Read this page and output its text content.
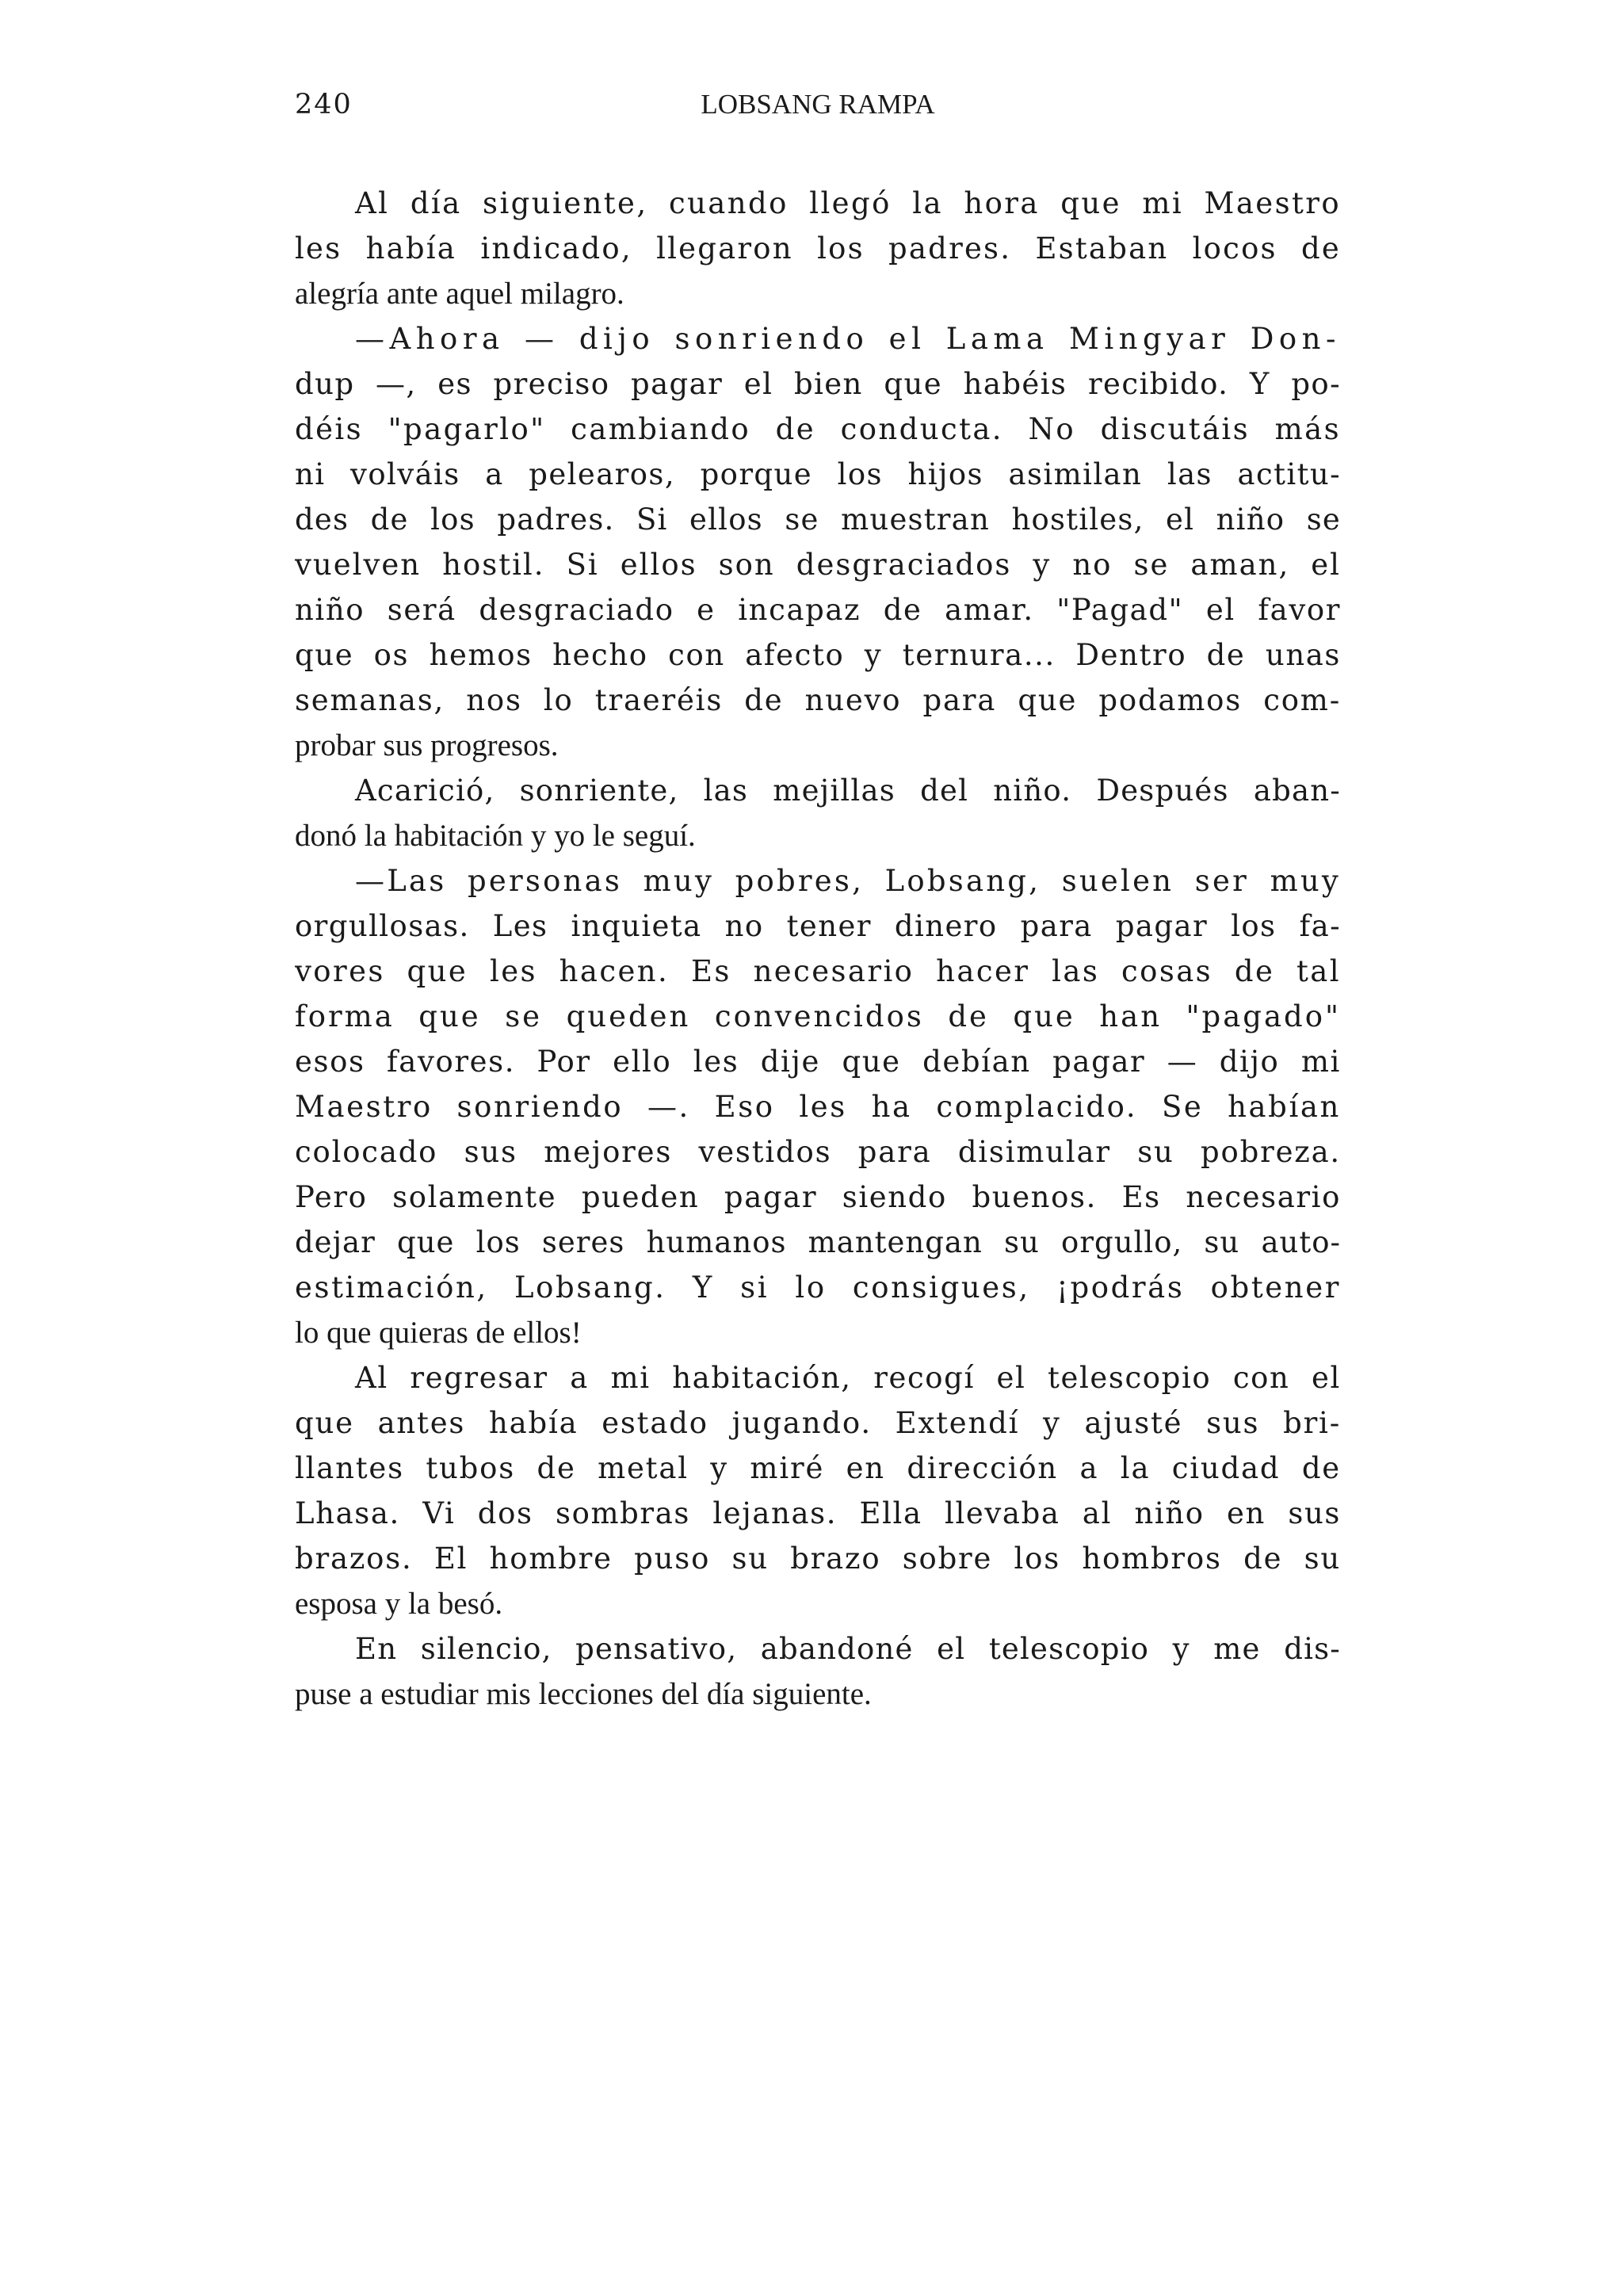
240	LOBSANG RAMPA
Al día siguiente, cuando llegó la hora que mi Maestro
les había indicado, llegaron los padres. Estaban locos de
alegría ante aquel milagro.
—Ahora — dijo sonriendo el Lama Mingyar Don-
dup —, es preciso pagar el bien que habéis recibido. Y po-
déis "pagarlo" cambiando de conducta. No discutáis más
ni volváis a pelearos, porque los hijos asimilan las actitu-
des de los padres. Si ellos se muestran hostiles, el niño se
vuelven hostil. Si ellos son desgraciados y no se aman, el
niño será desgraciado e incapaz de amar. "Pagad" el favor
que os hemos hecho con afecto y ternura... Dentro de unas
semanas, nos lo traeréis de nuevo para que podamos com-
probar sus progresos.
Acarició, sonriente, las mejillas del niño. Después aban-
donó la habitación y yo le seguí.
—Las personas muy pobres, Lobsang, suelen ser muy
orgullosas. Les inquieta no tener dinero para pagar los fa-
vores que les hacen. Es necesario hacer las cosas de tal
forma que se queden convencidos de que han "pagado"
esos favores. Por ello les dije que debían pagar — dijo mi
Maestro sonriendo —. Eso les ha complacido. Se habían
colocado sus mejores vestidos para disimular su pobreza.
Pero solamente pueden pagar siendo buenos. Es necesario
dejar que los seres humanos mantengan su orgullo, su auto-
estimación, Lobsang. Y si lo consigues, ¡podrás obtener
lo que quieras de ellos!
Al regresar a mi habitación, recogí el telescopio con el
que antes había estado jugando. Extendí y ajusté sus bri-
llantes tubos de metal y miré en dirección a la ciudad de
Lhasa. Vi dos sombras lejanas. Ella llevaba al niño en sus
brazos. El hombre puso su brazo sobre los hombros de su
esposa y la besó.
En silencio, pensativo, abandoné el telescopio y me dis-
puse a estudiar mis lecciones del día siguiente.
